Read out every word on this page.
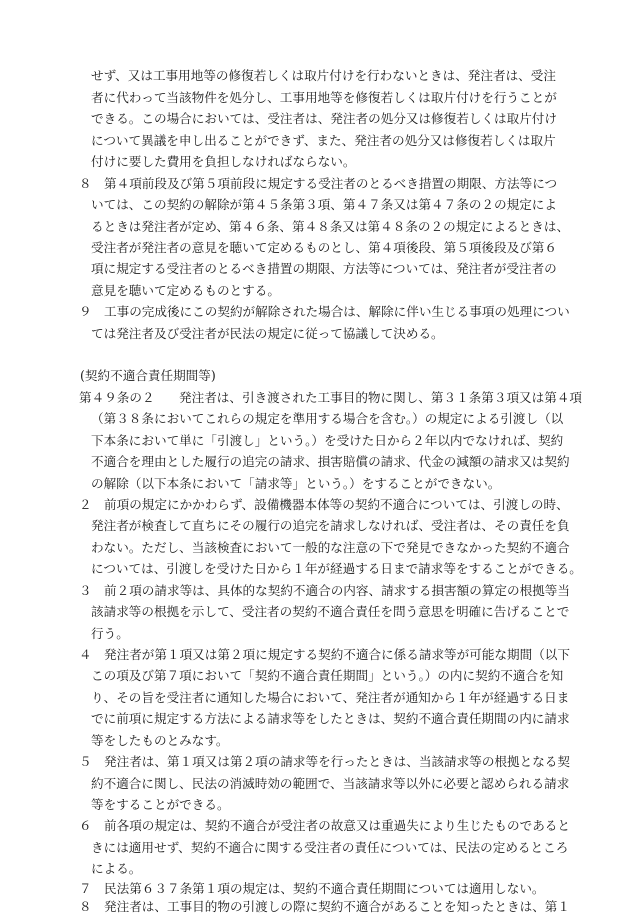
せず、又は工事用地等の修復若しくは取片付けを行わないときは、発注者は、受注
者に代わって当該物件を処分し、工事用地等を修復若しくは取片付けを行うことが
できる。この場合においては、受注者は、発注者の処分又は修復若しくは取片付け
について異議を申し出ることができず、また、発注者の処分又は修復若しくは取片
付けに要した費用を負担しなければならない。
８ 第４項前段及び第５項前段に規定する受注者のとるべき措置の期限、方法等につ
いては、この契約の解除が第４５条第３項、第４７条又は第４７条の２の規定によ
るときは発注者が定め、第４６条、第４８条又は第４８条の２の規定によるときは、
受注者が発注者の意見を聴いて定めるものとし、第４項後段、第５項後段及び第６
項に規定する受注者のとるべき措置の期限、方法等については、発注者が受注者の
意見を聴いて定めるものとする。
９ 工事の完成後にこの契約が解除された場合は、解除に伴い生じる事項の処理につい
ては発注者及び受注者が民法の規定に従って協議して決める。
(契約不適合責任期間等)
第４９条の２ 発注者は、引き渡された工事目的物に関し、第３１条第３項又は第４項
（第３８条においてこれらの規定を準用する場合を含む。）の規定による引渡し（以
下本条において単に「引渡し」という。）を受けた日から２年以内でなければ、契約
不適合を理由とした履行の追完の請求、損害賠償の請求、代金の減額の請求又は契約
の解除（以下本条において「請求等」という。）をすることができない。
２ 前項の規定にかかわらず、設備機器本体等の契約不適合については、引渡しの時、
発注者が検査して直ちにその履行の追完を請求しなければ、受注者は、その責任を負
わない。ただし、当該検査において一般的な注意の下で発見できなかった契約不適合
については、引渡しを受けた日から１年が経過する日まで請求等をすることができる。
３ 前２項の請求等は、具体的な契約不適合の内容、請求する損害額の算定の根拠等当
該請求等の根拠を示して、受注者の契約不適合責任を問う意思を明確に告げることで
行う。
４ 発注者が第１項又は第２項に規定する契約不適合に係る請求等が可能な期間（以下
この項及び第７項において「契約不適合責任期間」という。）の内に契約不適合を知
り、その旨を受注者に通知した場合において、発注者が通知から１年が経過する日ま
でに前項に規定する方法による請求等をしたときは、契約不適合責任期間の内に請求
等をしたものとみなす。
５ 発注者は、第１項又は第２項の請求等を行ったときは、当該請求等の根拠となる契
約不適合に関し、民法の消滅時効の範囲で、当該請求等以外に必要と認められる請求
等をすることができる。
６ 前各項の規定は、契約不適合が受注者の故意又は重過失により生じたものであると
きには適用せず、契約不適合に関する受注者の責任については、民法の定めるところ
による。
７ 民法第６３７条第１項の規定は、契約不適合責任期間については適用しない。
８ 発注者は、工事目的物の引渡しの際に契約不適合があることを知ったときは、第１
